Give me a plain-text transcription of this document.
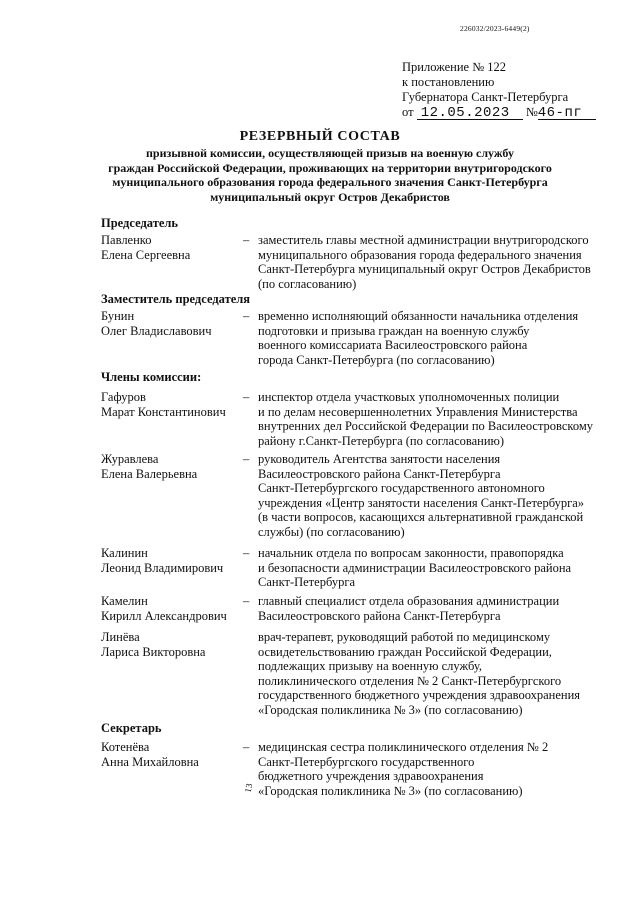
226032/2023-6449(2)
Приложение № 122
к постановлению
Губернатора Санкт-Петербурга
от 12.05.2023 №46-пг
РЕЗЕРВНЫЙ СОСТАВ
призывной комиссии, осуществляющей призыв на военную службу
граждан Российской Федерации, проживающих на территории внутригородского
муниципального образования города федерального значения Санкт-Петербурга
муниципальный округ Остров Декабристов
Председатель
Павленко
Елена Сергеевна
– заместитель главы местной администрации внутригородского
муниципального образования города федерального значения
Санкт-Петербурга муниципальный округ Остров Декабристов
(по согласованию)
Заместитель председателя
Бунин
Олег Владиславович
– временно исполняющий обязанности начальника отделения
подготовки и призыва граждан на военную службу
военного комиссариата Василеостровского района
города Санкт-Петербурга (по согласованию)
Члены комиссии:
Гафуров
Марат Константинович
– инспектор отдела участковых уполномоченных полиции
и по делам несовершеннолетних Управления Министерства
внутренних дел Российской Федерации по Василеостровскому
району г.Санкт-Петербурга (по согласованию)
Журавлева
Елена Валерьевна
– руководитель Агентства занятости населения
Василеостровского района Санкт-Петербурга
Санкт-Петербургского государственного автономного
учреждения «Центр занятости населения Санкт-Петербурга»
(в части вопросов, касающихся альтернативной гражданской
службы) (по согласованию)
Калинин
Леонид Владимирович
– начальник отдела по вопросам законности, правопорядка
и безопасности администрации Василеостровского района
Санкт-Петербурга
Камелин
Кирилл Александрович
– главный специалист отдела образования администрации
Василеостровского района Санкт-Петербурга
Линёва
Лариса Викторовна
врач-терапевт, руководящий работой по медицинскому
освидетельствованию граждан Российской Федерации,
подлежащих призыву на военную службу,
поликлинического отделения № 2 Санкт-Петербургского
государственного бюджетного учреждения здравоохранения
«Городская поликлиника № 3» (по согласованию)
Секретарь
Котенёва
Анна Михайловна
– медицинская сестра поликлинического отделения № 2
Санкт-Петербургского государственного
бюджетного учреждения здравоохранения
«Городская поликлиника № 3» (по согласованию)
13
